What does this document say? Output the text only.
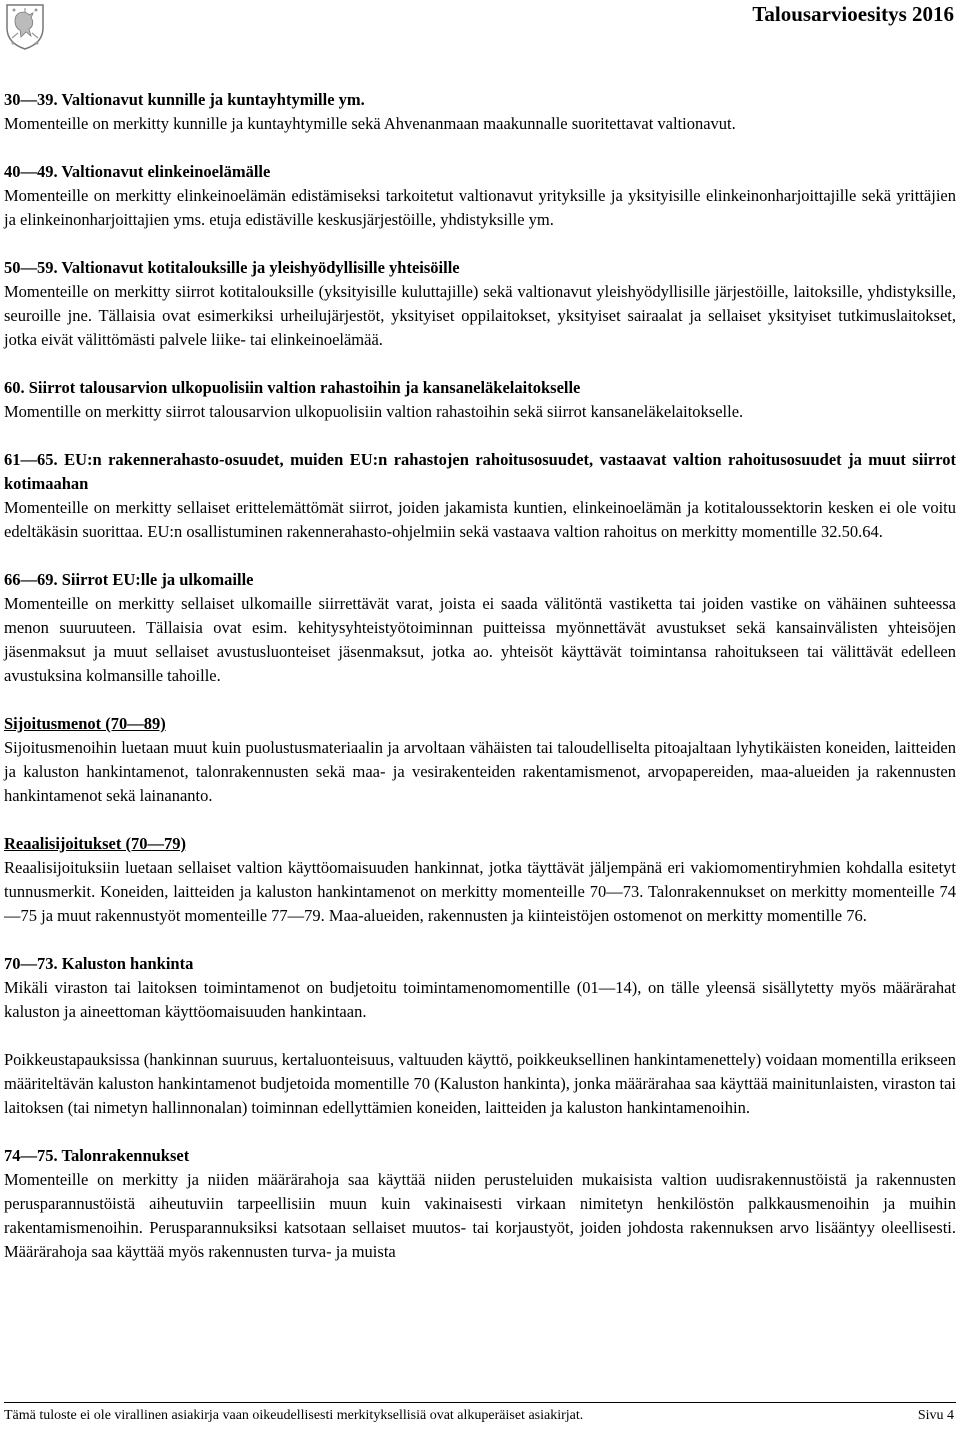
Talousarvioesitys 2016
30—39. Valtionavut kunnille ja kuntayhtymille ym.
Momenteille on merkitty kunnille ja kuntayhtymille sekä Ahvenanmaan maakunnalle suoritettavat valtionavut.
40—49. Valtionavut elinkeinoelämälle
Momenteille on merkitty elinkeinoelämän edistämiseksi tarkoitetut valtionavut yrityksille ja yksityisille elinkeinonharjoittajille sekä yrittäjien ja elinkeinonharjoittajien yms. etuja edistäville keskusjärjestöille, yhdistyksille ym.
50—59. Valtionavut kotitalouksille ja yleishyödyllisille yhteisöille
Momenteille on merkitty siirrot kotitalouksille (yksityisille kuluttajille) sekä valtionavut yleishyödyllisille järjestöille, laitoksille, yhdistyksille, seuroille jne. Tällaisia ovat esimerkiksi urheilujärjestöt, yksityiset oppilaitokset, yksityiset sairaalat ja sellaiset yksityiset tutkimuslaitokset, jotka eivät välittömästi palvele liike- tai elinkeinoelämää.
60. Siirrot talousarvion ulkopuolisiin valtion rahastoihin ja kansaneläkelaitokselle
Momentille on merkitty siirrot talousarvion ulkopuolisiin valtion rahastoihin sekä siirrot kansaneläkelaitokselle.
61—65. EU:n rakennerahasto-osuudet, muiden EU:n rahastojen rahoitusosuudet, vastaavat valtion rahoitusosuudet ja muut siirrot kotimaahan
Momenteille on merkitty sellaiset erittelemättömät siirrot, joiden jakamista kuntien, elinkeinoelämän ja kotitaloussektorin kesken ei ole voitu edeltäkäsin suorittaa. EU:n osallistuminen rakennerahasto-ohjelmiin sekä vastaava valtion rahoitus on merkitty momentille 32.50.64.
66—69. Siirrot EU:lle ja ulkomaille
Momenteille on merkitty sellaiset ulkomaille siirrettävät varat, joista ei saada välitöntä vastiketta tai joiden vastike on vähäinen suhteessa menon suuruuteen. Tällaisia ovat esim. kehitysyhteistyötoiminnan puitteissa myönnettävät avustukset sekä kansainvälisten yhteisöjen jäsenmaksut ja muut sellaiset avustusluonteiset jäsenmaksut, jotka ao. yhteisöt käyttävät toimintansa rahoitukseen tai välittävät edelleen avustuksina kolmansille tahoille.
Sijoitusmenot (70—89)
Sijoitusmenoihin luetaan muut kuin puolustusmateriaalin ja arvoltaan vähäisten tai taloudelliselta pitoajaltaan lyhytikäisten koneiden, laitteiden ja kaluston hankintamenot, talonrakennusten sekä maa- ja vesirakenteiden rakentamismenot, arvopapereiden, maa-alueiden ja rakennusten hankintamenot sekä lainananto.
Reaalisijoitukset (70—79)
Reaalisijoituksiin luetaan sellaiset valtion käyttöomaisuuden hankinnat, jotka täyttävät jäljempänä eri vakiomomentiryhmien kohdalla esitetyt tunnusmerkit. Koneiden, laitteiden ja kaluston hankintamenot on merkitty momenteille 70—73. Talonrakennukset on merkitty momenteille 74—75 ja muut rakennustyöt momenteille 77—79. Maa-alueiden, rakennusten ja kiinteistöjen ostomenot on merkitty momentille 76.
70—73. Kaluston hankinta
Mikäli viraston tai laitoksen toimintamenot on budjetoitu toimintamenomomentille (01—14), on tälle yleensä sisällytetty myös määrärahat kaluston ja aineettoman käyttöomaisuuden hankintaan.
Poikkeustapauksissa (hankinnan suuruus, kertaluonteisuus, valtuuden käyttö, poikkeuksellinen hankintamenettely) voidaan momentilla erikseen määriteltävän kaluston hankintamenot budjetoida momentille 70 (Kaluston hankinta), jonka määrärahaa saa käyttää mainitunlaisten, viraston tai laitoksen (tai nimetyn hallinnonalan) toiminnan edellyttämien koneiden, laitteiden ja kaluston hankintamenoihin.
74—75. Talonrakennukset
Momenteille on merkitty ja niiden määrärahoja saa käyttää niiden perusteluiden mukaisista valtion uudisrakennustöistä ja rakennusten perusparannustöistä aiheutuviin tarpeellisiin muun kuin vakinaisesti virkaan nimitetyn henkilöstön palkkausmenoihin ja muihin rakentamismenoihin. Perusparannuksiksi katsotaan sellaiset muutos- tai korjaustyöt, joiden johdosta rakennuksen arvo lisääntyy oleellisesti. Määrärahoja saa käyttää myös rakennusten turva- ja muista
Tämä tuloste ei ole virallinen asiakirja vaan oikeudellisesti merkityksellisiä ovat alkuperäiset asiakirjat.	Sivu 4
